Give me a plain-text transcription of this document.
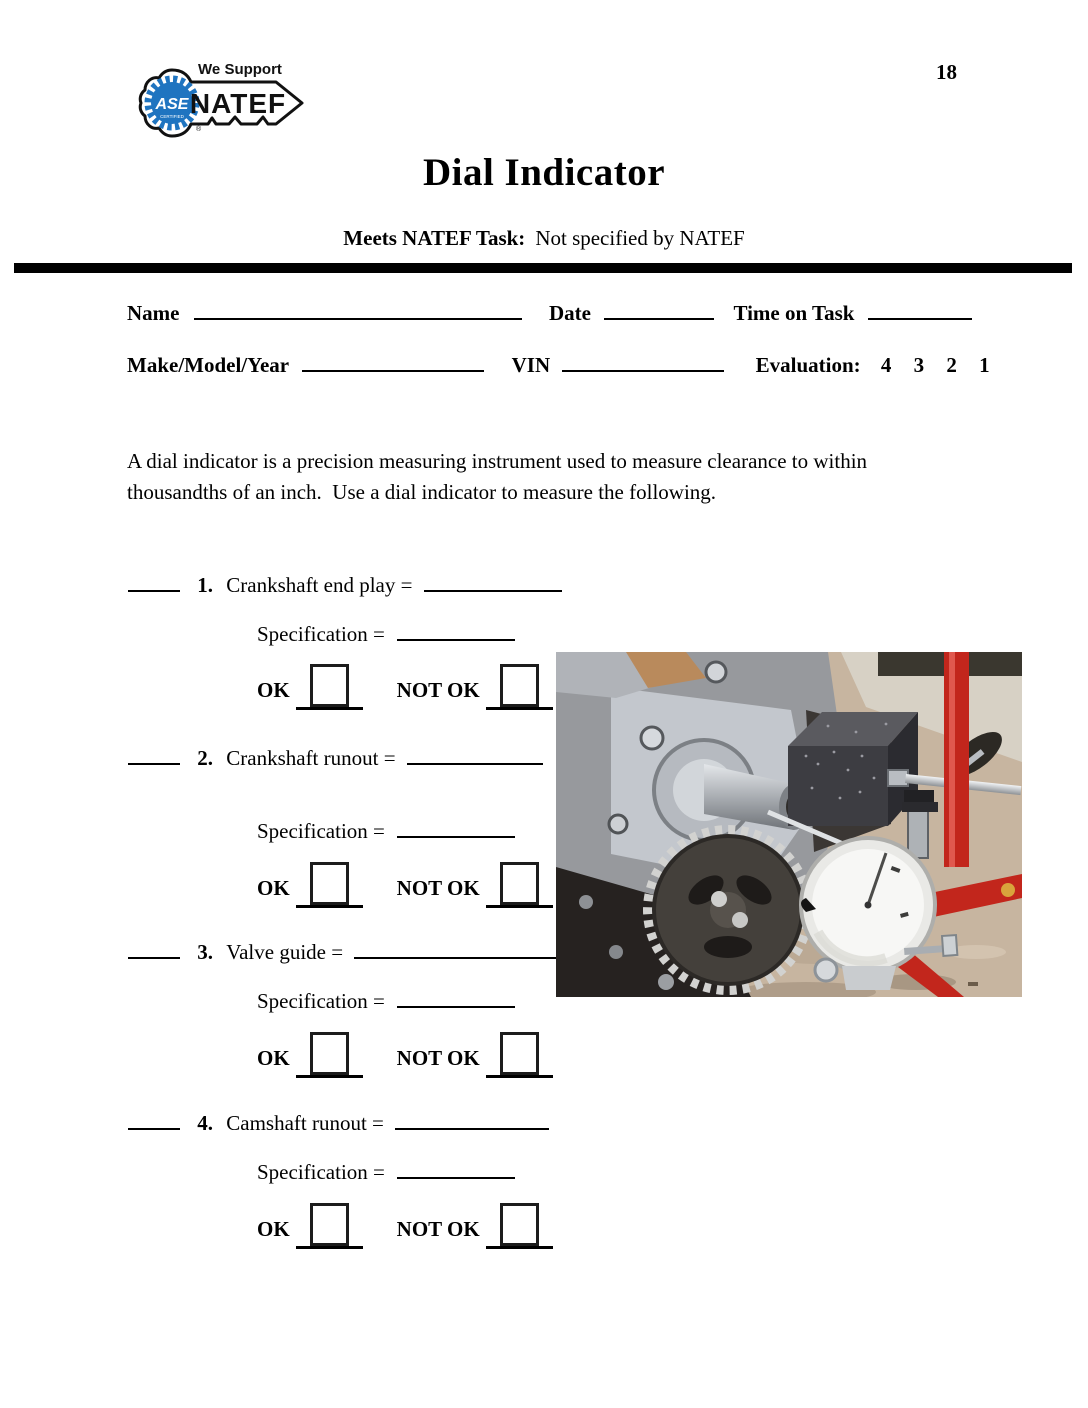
ASE
CERTIFIED
®
We Support
NATEF
18
Dial Indicator
Meets NATEF Task: Not specified by NATEF
Name	Date	Time on Task
Make/Model/Year	VIN	Evaluation: 4 3 2 1
A dial indicator is a precision measuring instrument used to measure clearance to within thousandths of an inch.  Use a dial indicator to measure the following.
1. Crankshaft end play =
Specification =
OK	NOT OK
2. Crankshaft runout =
Specification =
OK	NOT OK
3. Valve guide =
Specification =
OK	NOT OK
4. Camshaft runout =
Specification =
OK	NOT OK
